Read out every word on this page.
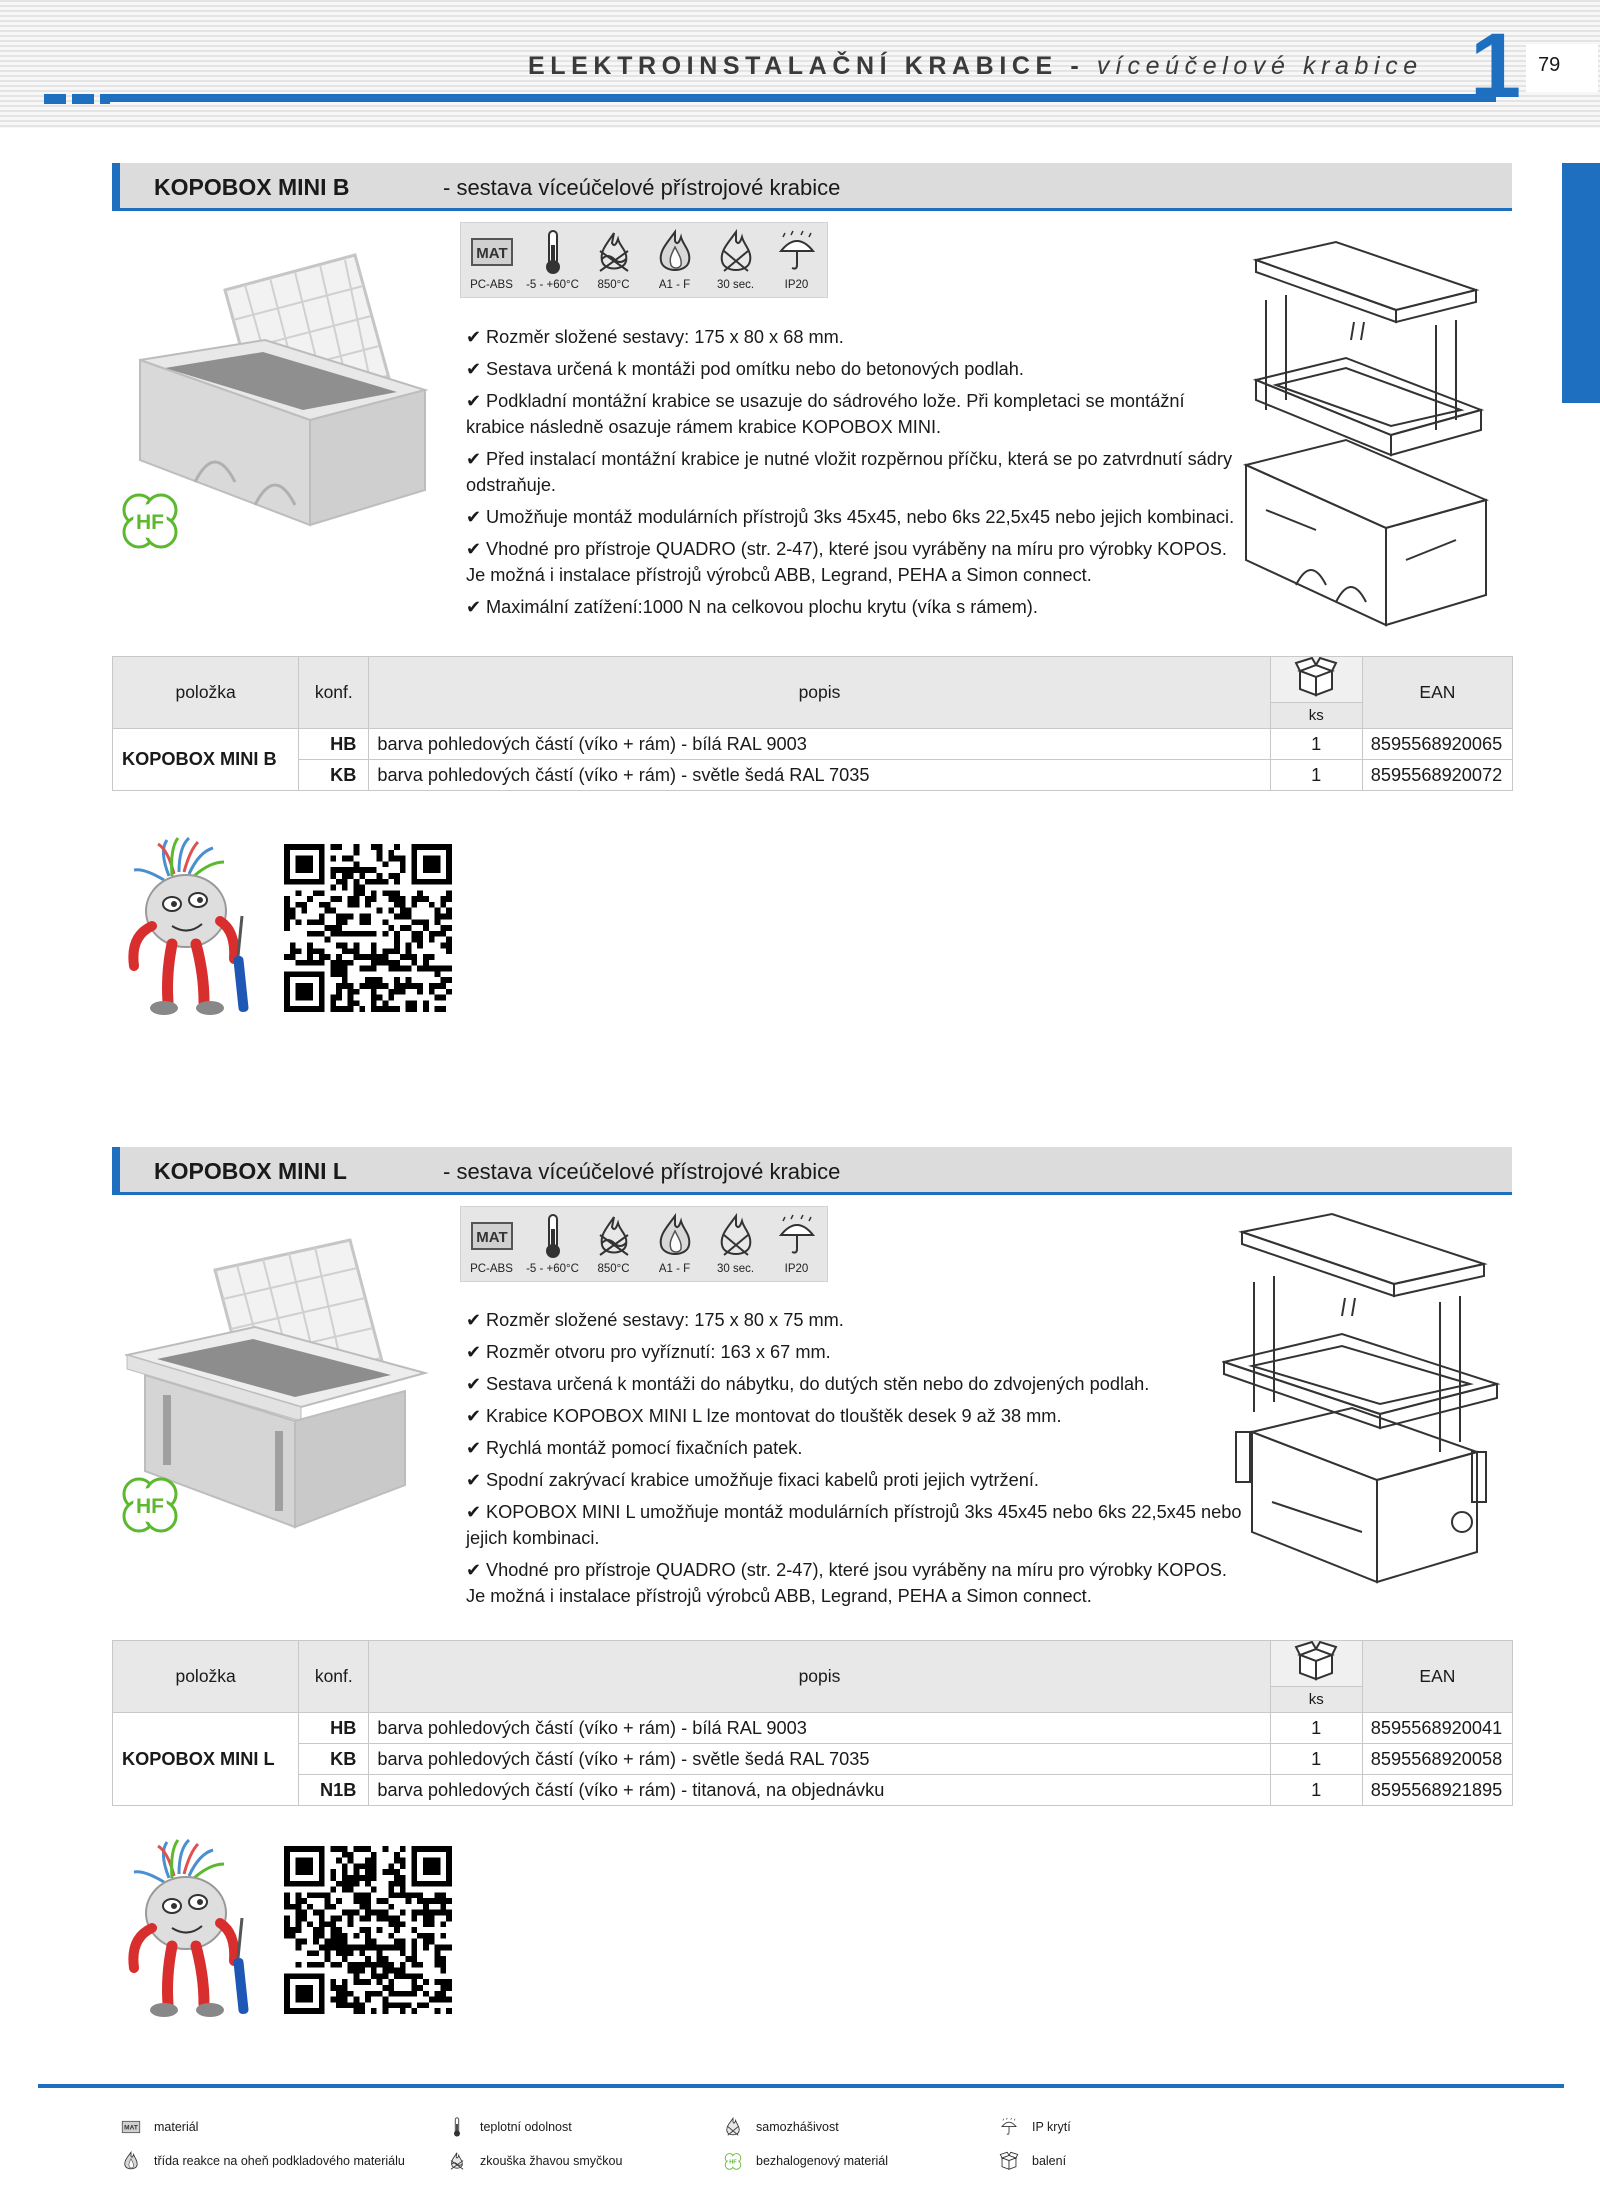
ELEKTROINSTALAČNÍ KRABICE - víceúčelové krabice 1 79
KOPOBOX MINI B	- sestava víceúčelové přístrojové krabice
MAT
PC-ABS -5 - +60°C 850°C	A1 - F 30 sec.	IP20
HF
✔ Rozměr složené sestavy: 175 x 80 x 68 mm.
✔ Sestava určená k montáži pod omítku nebo do betonových podlah.
✔ Podkladní montážní krabice se usazuje do sádrového lože. Při kompletaci se montážní krabice následně osazuje rámem krabice KOPOBOX MINI.
✔ Před instalací montážní krabice je nutné vložit rozpěrnou příčku, která se po zatvrdnutí sádry odstraňuje.
✔ Umožňuje montáž modulárních přístrojů 3ks 45x45, nebo 6ks 22,5x45 nebo jejich kombinaci.
✔ Vhodné pro přístroje QUADRO (str. 2-47), které jsou vyráběny na míru pro výrobky KOPOS. Je možná i instalace přístrojů výrobců ABB, Legrand, PEHA a Simon connect.
✔ Maximální zatížení:1000 N na celkovou plochu krytu (víka s rámem).
položka	konf.	popis		EAN
			ks	
KOPOBOX MINI B	HB	barva pohledových částí (víko + rám) - bílá RAL 9003	1	8595568920065
	KB	barva pohledových částí (víko + rám) - světle šedá RAL 7035	1	8595568920072
KOPOBOX MINI L	- sestava víceúčelové přístrojové krabice
MAT
PC-ABS -5 - +60°C 850°C	A1 - F 30 sec.	IP20
HF
✔ Rozměr složené sestavy: 175 x 80 x 75 mm.
✔ Rozměr otvoru pro vyříznutí: 163 x 67 mm.
✔ Sestava určená k montáži do nábytku, do dutých stěn nebo do zdvojených podlah.
✔ Krabice KOPOBOX MINI L lze montovat do tlouštěk desek 9 až 38 mm.
✔ Rychlá montáž pomocí fixačních patek.
✔ Spodní zakrývací krabice umožňuje fixaci kabelů proti jejich vytržení.
✔ KOPOBOX MINI L umožňuje montáž modulárních přístrojů 3ks 45x45 nebo 6ks 22,5x45 nebo jejich kombinaci.
✔ Vhodné pro přístroje QUADRO (str. 2-47), které jsou vyráběny na míru pro výrobky KOPOS. Je možná i instalace přístrojů výrobců ABB, Legrand, PEHA a Simon connect.
položka	konf.	popis		EAN
			ks	
KOPOBOX MINI L	HB	barva pohledových částí (víko + rám) - bílá RAL 9003	1	8595568920041
	KB	barva pohledových částí (víko + rám) - světle šedá RAL 7035	1	8595568920058
	N1B	barva pohledových částí (víko + rám) - titanová, na objednávku	1	8595568921895
MAT materiál	teplotní odolnost	samozhášivost	IP krytí
třída reakce na oheň podkladového materiálu	zkouška žhavou smyčkou	HF bezhalogenový materiál	balení
